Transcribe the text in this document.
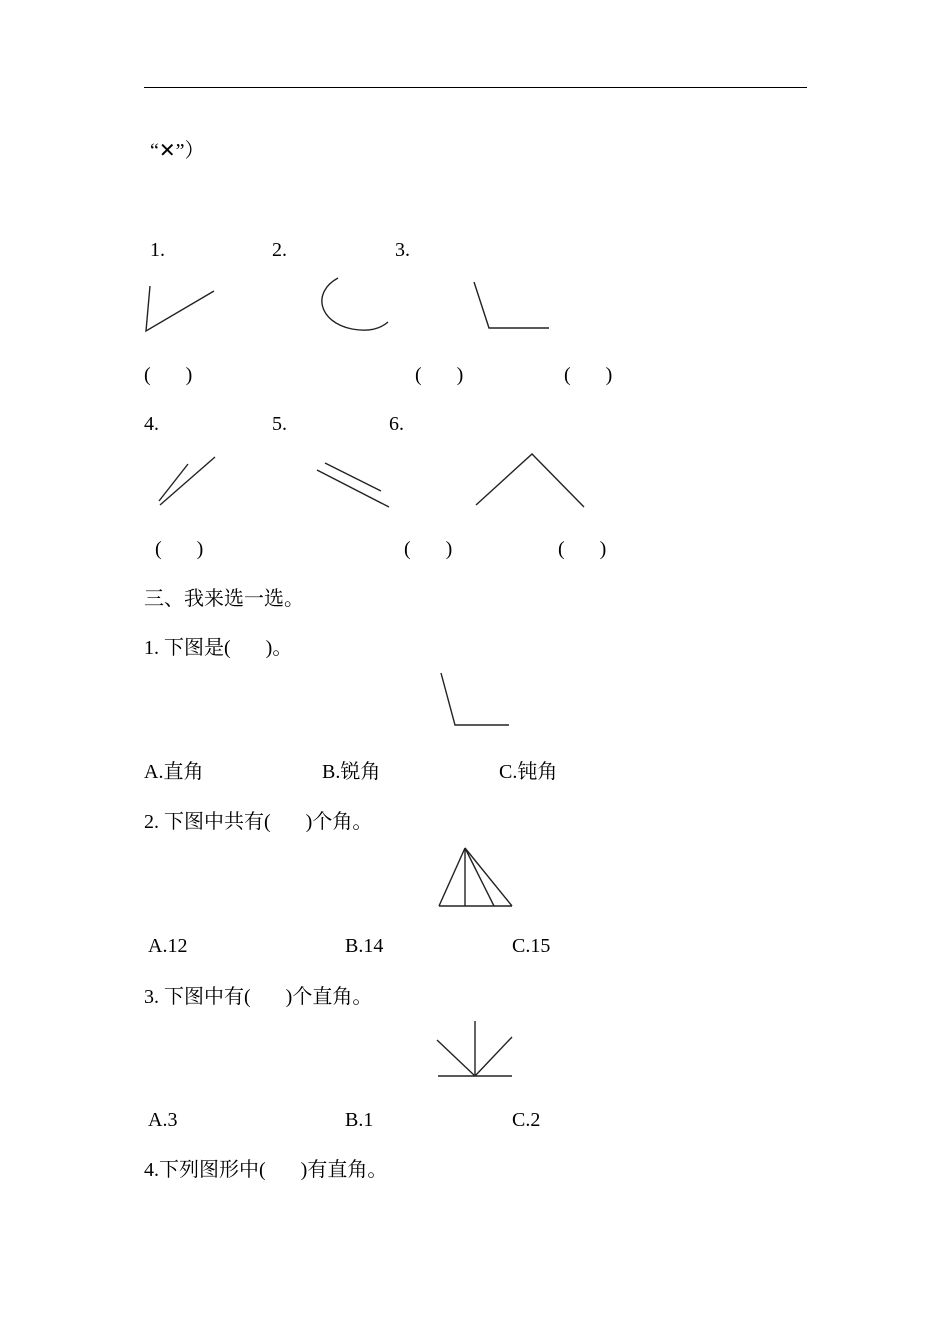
“✕”）
1.	2.	3.
(       )	(       )	(       )
4.	5.	6.
(       )	(       )	(       )
三、我来选一选。
1. 下图是(       )。
A.直角	B.锐角	C.钝角
2. 下图中共有(       )个角。
A.12	B.14	C.15
3. 下图中有(       )个直角。
A.3	B.1	C.2
4.下列图形中(       )有直角。
